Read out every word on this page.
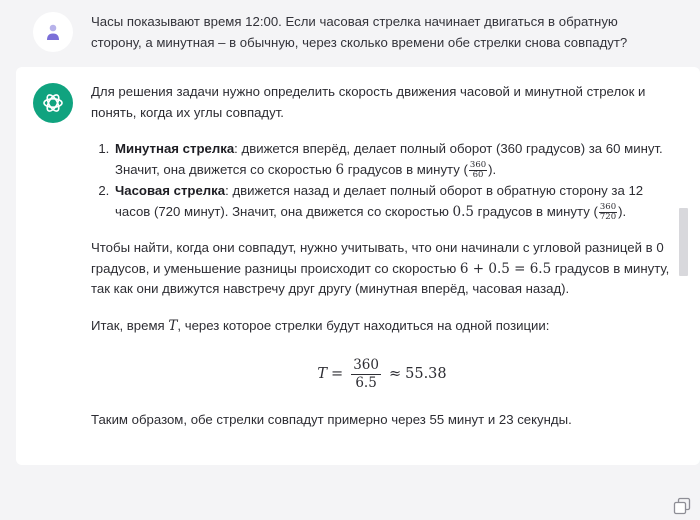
Часы показывают время 12:00. Если часовая стрелка начинает двигаться в обратную сторону, а минутная – в обычную, через сколько времени обе стрелки снова совпадут?

Для решения задачи нужно определить скорость движения часовой и минутной стрелок и понять, когда их углы совпадут.

1. Минутная стрелка: движется вперёд, делает полный оборот (360 градусов) за 60 минут. Значит, она движется со скоростью 6 градусов в минуту ( $\frac{360}{60}$ ).
2. Часовая стрелка: движется назад и делает полный оборот в обратную сторону за 12 часов (720 минут). Значит, она движется со скоростью 0.5 градусов в минуту ( $\frac{360}{720}$ ).

Чтобы найти, когда они совпадут, нужно учитывать, что они начинали с угловой разницей в 0 градусов, и уменьшение разницы происходит со скоростью 6 + 0.5 = 6.5 градусов в минуту, так как они движутся навстречу друг другу (минутная вперёд, часовая назад).

Итак, время T, через которое стрелки будут находиться на одной позиции:

$T = \frac{360}{6.5} \approx 55.38$

Таким образом, обе стрелки совпадут примерно через 55 минут и 23 секунды.
